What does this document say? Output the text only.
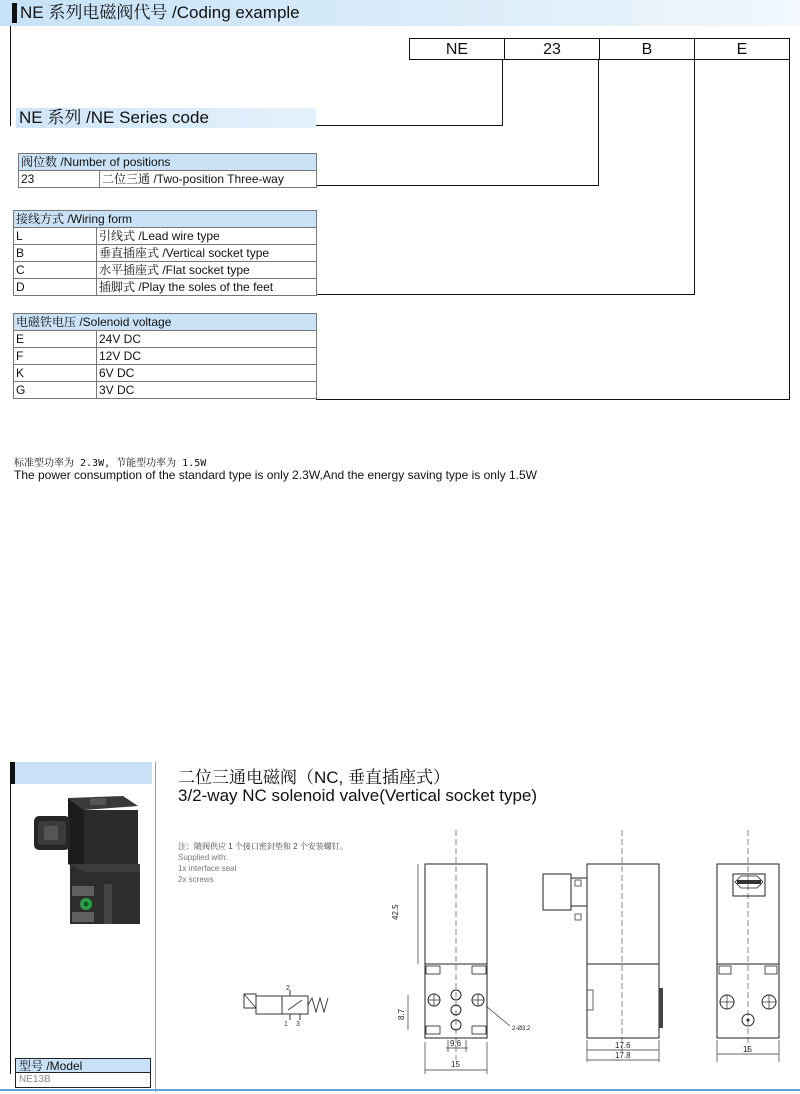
NE 系列电磁阀代号 /Coding example
NE	23	B	E
NE 系列 /NE Series code
阀位数 /Number of positions
23	二位三通 /Two-position Three-way
接线方式 /Wiring form	
L	引线式 /Lead wire type
B	垂直插座式 /Vertical socket type
C	水平插座式 /Flat socket type
D	插脚式 /Play the soles of the feet
电磁铁电压 /Solenoid voltage	
E	24V DC
F	12V DC
K	6V DC
G	3V DC
标准型功率为 2.3W, 节能型功率为 1.5W
The power consumption of the standard type is only 2.3W,And the energy saving type is only 1.5W
二位三通电磁阀（NC, 垂直插座式）
3/2-way NC solenoid valve(Vertical socket type)
注：随阀供应 1 个接口密封垫和 2 个安装螺钉。
Supplied with:
1x interface seal
2x screws
2
1 3
42.5
8.7
9.6
15
2-Ø3.2
17.6
17.8
15
型号 /Model
NE13B
